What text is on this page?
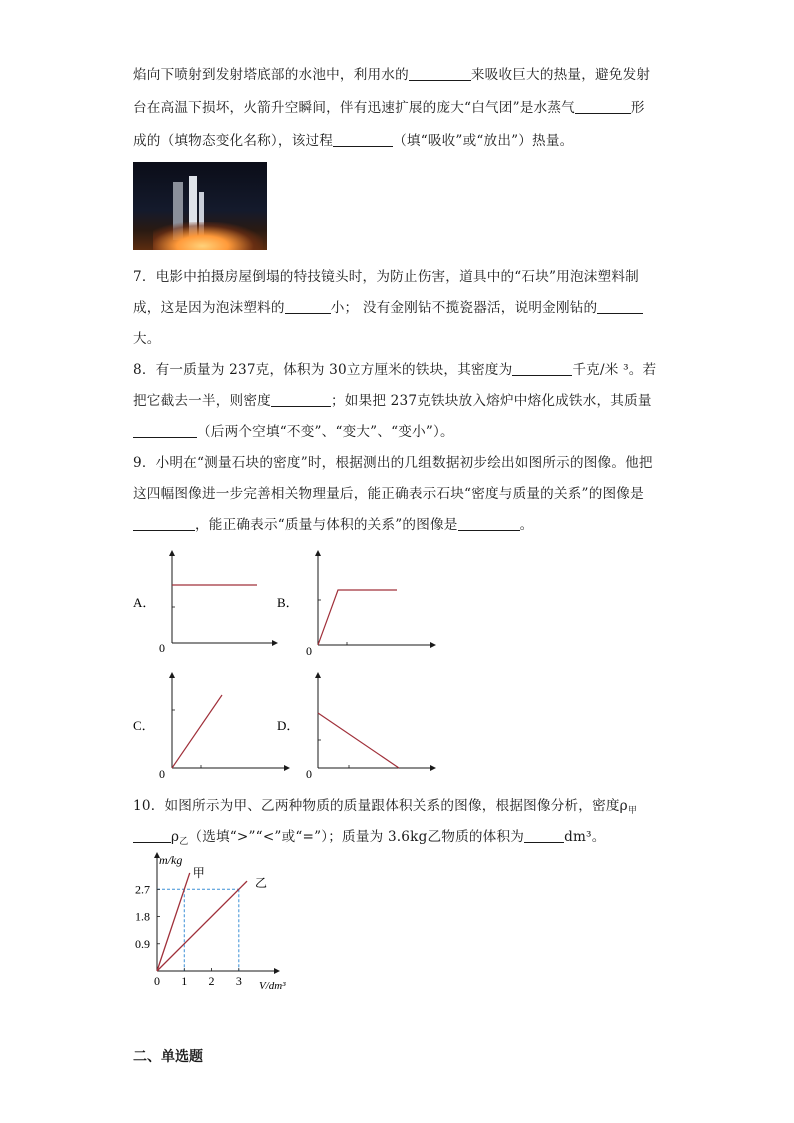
焰向下喷射到发射塔底部的水池中，利用水的	来吸收巨大的热量，避免发射
台在高温下损坏，火箭升空瞬间，伴有迅速扩展的庞大“白气团”是水蒸气	形
成的（填物态变化名称），该过程	（填“吸收”或“放出”）热量。
7．电影中拍摄房屋倒塌的特技镜头时，为防止伤害，道具中的“石块”用泡沫塑料制
成，这是因为泡沫塑料的	小； 没有金刚钻不揽瓷器活，说明金刚钻的
大。
8．有一质量为 237克，体积为 30立方厘米的铁块，其密度为	千克/米 ³。若
把它截去一半，则密度	；如果把 237克铁块放入熔炉中熔化成铁水，其质量
（后两个空填“不变”、“变大”、“变小”）。
9．小明在“测量石块的密度”时，根据测出的几组数据初步绘出如图所示的图像。他把
这四幅图像进一步完善相关物理量后，能正确表示石块“密度与质量的关系”的图像是
，能正确表示“质量与体积的关系”的图像是	。
A．
0
B．
0
C．
0
D．
0
10．如图所示为甲、乙两种物质的质量跟体积关系的图像，根据图像分析，密度$\rho_甲$
$\rho_乙$（选填“>”“<”或“=”）；质量为 3.6kg乙物质的体积为	dm³。
甲
乙
0 1 2 3
0.9
1.8
2.7
m/kg
V/dm³
二、单选题
